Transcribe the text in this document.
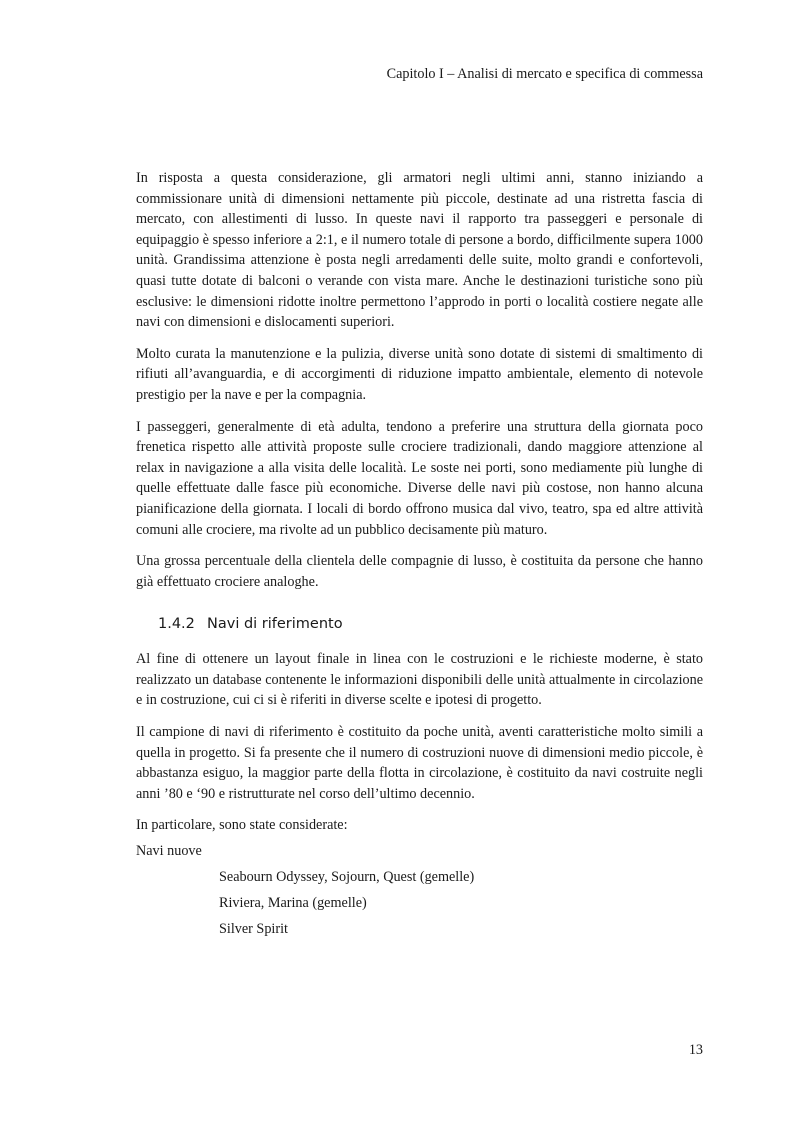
Capitolo I – Analisi di mercato e specifica di commessa

In risposta a questa considerazione, gli armatori negli ultimi anni, stanno iniziando a commissionare unità di dimensioni nettamente più piccole, destinate ad una ristretta fascia di mercato, con allestimenti di lusso. In queste navi il rapporto tra passeggeri e personale di equipaggio è spesso inferiore a 2:1, e il numero totale di persone a bordo, difficilmente supera 1000 unità. Grandissima attenzione è posta negli arredamenti delle suite, molto grandi e confortevoli, quasi tutte dotate di balconi o verande con vista mare. Anche le destinazioni turistiche sono più esclusive: le dimensioni ridotte inoltre permettono l’approdo in porti o località costiere negate alle navi con dimensioni e dislocamenti superiori.

Molto curata la manutenzione e la pulizia, diverse unità sono dotate di sistemi di smaltimento di rifiuti all’avanguardia, e di accorgimenti di riduzione impatto ambientale, elemento di notevole prestigio per la nave e per la compagnia.

I passeggeri, generalmente di età adulta, tendono a preferire una struttura della giornata poco frenetica rispetto alle attività proposte sulle crociere tradizionali, dando maggiore attenzione al relax in navigazione a alla visita delle località. Le soste nei porti, sono mediamente più lunghe di quelle effettuate dalle fasce più economiche. Diverse delle navi più costose, non hanno alcuna pianificazione della giornata. I locali di bordo offrono musica dal vivo, teatro, spa ed altre attività comuni alle crociere, ma rivolte ad un pubblico decisamente più maturo.

Una grossa percentuale della clientela delle compagnie di lusso, è costituita da persone che hanno già effettuato crociere analoghe.

1.4.2 Navi di riferimento

Al fine di ottenere un layout finale in linea con le costruzioni e le richieste moderne, è stato realizzato un database contenente le informazioni disponibili delle unità attualmente in circolazione e in costruzione, cui ci si è riferiti in diverse scelte e ipotesi di progetto.

Il campione di navi di riferimento è costituito da poche unità, aventi caratteristiche molto simili a quella in progetto. Si fa presente che il numero di costruzioni nuove di dimensioni medio piccole, è abbastanza esiguo, la maggior parte della flotta in circolazione, è costituito da navi costruite negli anni ’80 e ‘90 e ristrutturate nel corso dell’ultimo decennio.

In particolare, sono state considerate:
Navi nuove
Seabourn Odyssey, Sojourn, Quest (gemelle)
Riviera, Marina (gemelle)
Silver Spirit
13
